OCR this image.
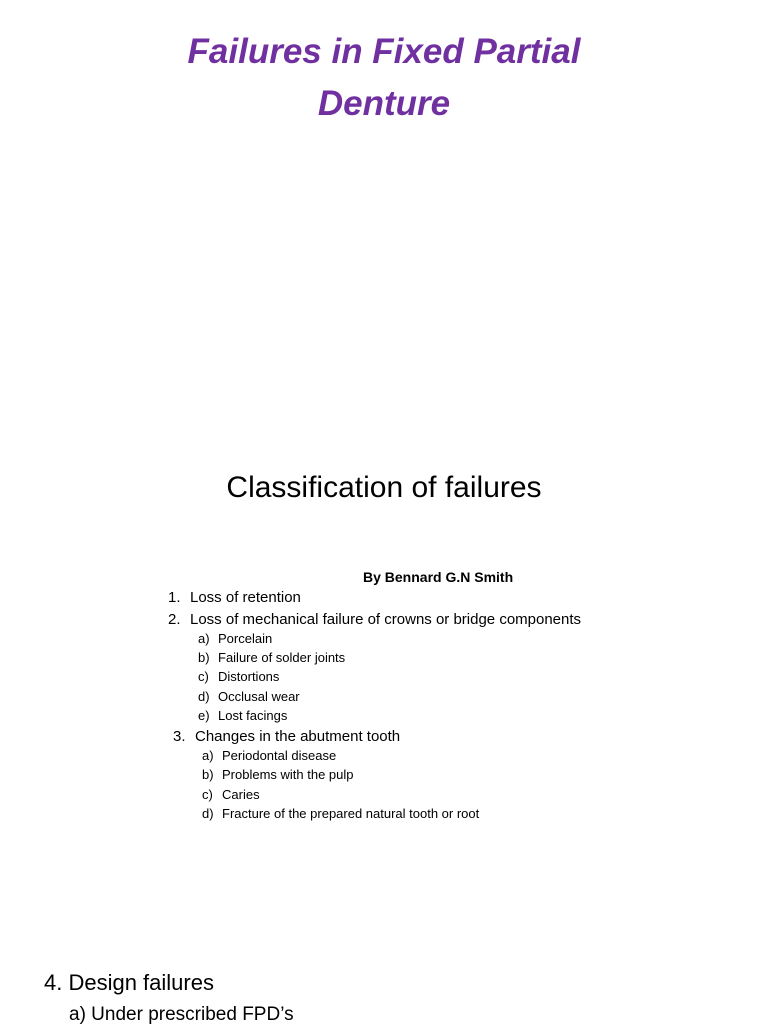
Failures in Fixed Partial
Denture
Classification of failures
By Bennard G.N Smith
1. Loss of retention
2. Loss of mechanical failure of crowns or bridge components
a) Porcelain
b) Failure of solder joints
c) Distortions
d) Occlusal wear
e) Lost facings
3. Changes in the abutment tooth
a) Periodontal disease
b) Problems with the pulp
c) Caries
d) Fracture of the prepared natural tooth or root
4. Design failures
a) Under prescribed FPD’s
